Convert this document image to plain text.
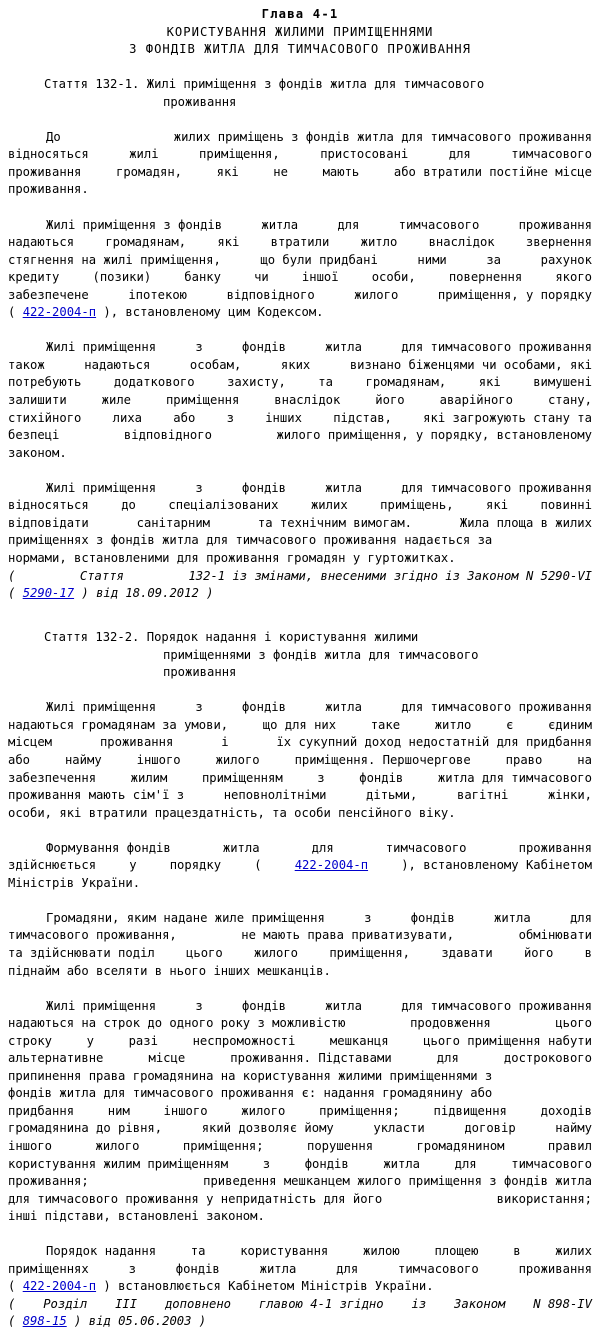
Глава 4-1
КОРИСТУВАННЯ ЖИЛИМИ ПРИМІЩЕННЯМИ
З ФОНДІВ ЖИТЛА ДЛЯ ТИМЧАСОВОГО ПРОЖИВАННЯ
Стаття 132-1. Жилі приміщення з фондів житла для тимчасового
проживання
До	жилих приміщень з фондів житла для тимчасового проживання
відносяться	жилі	приміщення,	пристосовані	для	тимчасового
проживання	громадян,	які	не	мають	або втратили постійне місце
проживання.
Жилі приміщення з фондів	житла	для	тимчасового	проживання
надаються	громадянам,	які	втратили	житло	внаслідок	звернення
стягнення на жилі приміщення,	що були придбані	ними	за	рахунок
кредиту	(позики)	банку	чи	іншої	особи,	повернення	якого
забезпечене	іпотекою	відповідного	жилого	приміщення, у порядку
( 422-2004-п ), встановленому цим Кодексом.
Жилі приміщення	з	фондів	житла	для тимчасового проживання
також	надаються	особам,	яких	визнано біженцями чи особами, які
потребують	додаткового	захисту,	та	громадянам,	які	вимушені
залишити	жиле	приміщення	внаслідок	його	аварійного	стану,
стихійного	лиха	або	з	інших	підстав,	які загрожують стану та
безпеці	відповідного	жилого приміщення, у порядку, встановленому
законом.
Жилі приміщення	з	фондів	житла	для тимчасового проживання
відносяться	до	спеціалізованих	жилих	приміщень,	які	повинні
відповідати	санітарним	та технічним вимогам.	Жила площа в жилих
приміщеннях з фондів житла для тимчасового проживання надається за
нормами, встановленими для проживання громадян у гуртожитках.
(	Стаття	132-1 із змінами, внесеними згідно із Законом N 5290-VI
( 5290-17 ) від 18.09.2012 )
Стаття 132-2. Порядок надання і користування жилими
приміщеннями з фондів житла для тимчасового
проживання
Жилі приміщення	з	фондів	житла	для тимчасового проживання
надаються громадянам за умови,	що для них	таке	житло	є	єдиним
місцем	проживання	і	їх сукупний доход недостатній для придбання
або	найму	іншого	жилого	приміщення. Першочергове	право	на
забезпечення	жилим	приміщенням	з	фондів	житла для тимчасового
проживання мають сім'ї з	неповнолітніми	дітьми,	вагітні	жінки,
особи, які втратили працездатність, та особи пенсійного віку.
Формування фондів	житла	для	тимчасового	проживання
здійснюється	у	порядку	(	422-2004-п	), встановленому Кабінетом
Міністрів України.
Громадяни, яким надане жиле приміщення	з	фондів	житла	для
тимчасового проживання,	не мають права приватизувати,	обмінювати
та здійснювати поділ	цього	жилого	приміщення,	здавати	його	в
піднайм або вселяти в нього інших мешканців.
Жилі приміщення	з	фондів	житла	для тимчасового проживання
надаються на строк до одного року з можливістю	продовження	цього
строку	у	разі	неспроможності	мешканця	цього приміщення набути
альтернативне	місце	проживання. Підставами	для	дострокового
припинення права громадянина на користування жилими приміщеннями з
фондів житла для тимчасового проживання є: надання громадянину або
придбання	ним	іншого	жилого	приміщення;	підвищення	доходів
громадянина до рівня,	який дозволяє йому	укласти	договір	найму
іншого	жилого	приміщення;	порушення	громадянином	правил
користування жилим приміщенням	з	фондів	житла	для	тимчасового
проживання;	приведення мешканцем жилого приміщення з фондів житла
для тимчасового проживання у непридатність для його	використання;
інші підстави, встановлені законом.
Порядок надання	та	користування	жилою	площею	в	жилих
приміщеннях	з	фондів	житла	для	тимчасового	проживання
( 422-2004-п ) встановлюється Кабінетом Міністрів України.
( Розділ III доповнено главою 4-1 згідно із Законом N 898-IV
( 898-15 ) від 05.06.2003 )
